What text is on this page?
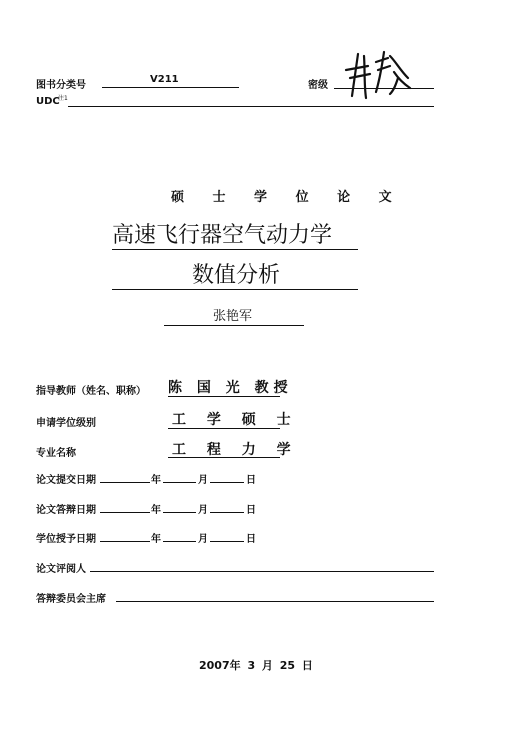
图书分类号
V211
密级
UDC
注1
硕 士 学 位 论 文
高速飞行器空气动力学
数值分析
张艳军
指导教师（姓名、职称） 陈 国 光 教授
申请学位级别	工 学 硕 士
专业名称	工 程 力 学
论文提交日期	年	月	日
论文答辩日期	年	月	日
学位授予日期	年	月	日
论文评阅人
答辩委员会主席
2007年 3 月 25 日
